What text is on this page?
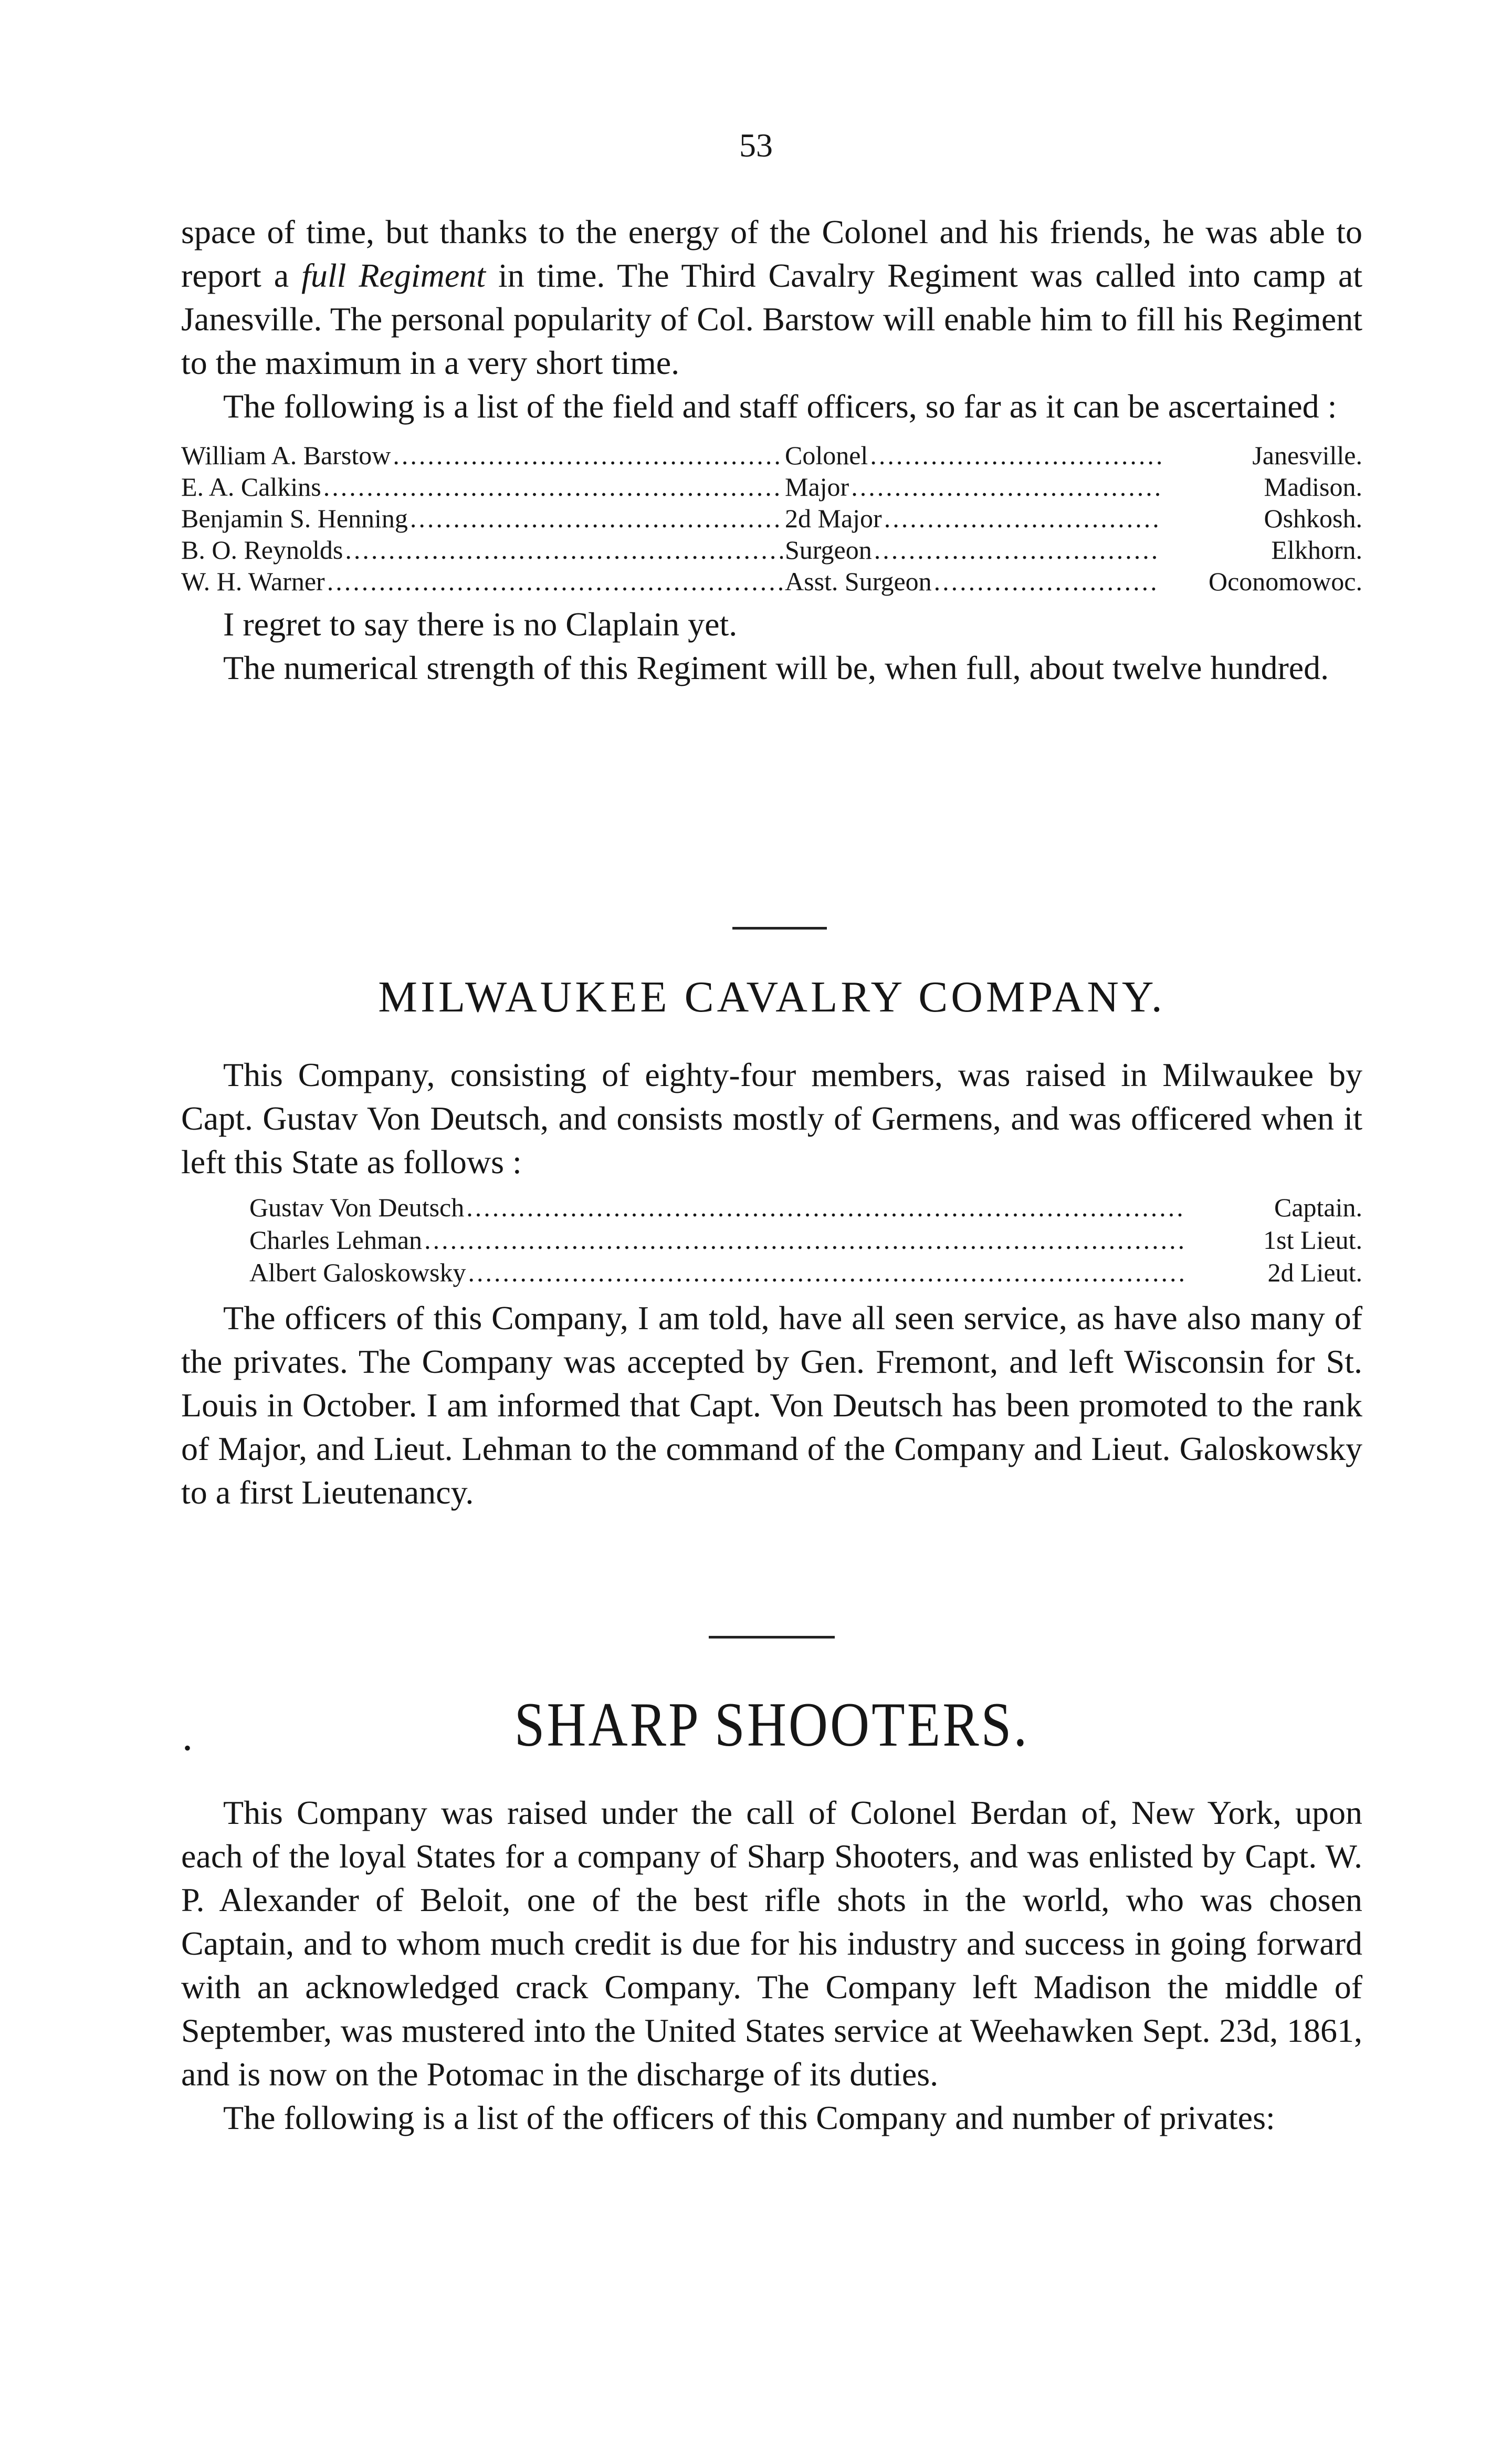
53

space of time, but thanks to the energy of the Colonel and his friends, he was able to report a full Regiment in time. The Third Cavalry Regiment was called into camp at Janesville. The personal popularity of Col. Barstow will enable him to fill his Regiment to the maximum in a very short time.

The following is a list of the field and staff officers, so far as it can be ascertained :

William A. Barstow .....	Colonel .....	Janesville.
E. A. Calkins .....	Major .....	Madison.
Benjamin S. Henning .....	2d Major .....	Oshkosh.
B. O. Reynolds .....	Surgeon .....	Elkhorn.
W. H. Warner .....	Asst. Surgeon .....	Oconomowoc.

I regret to say there is no Claplain yet.

The numerical strength of this Regiment will be, when full, about twelve hundred.

MILWAUKEE CAVALRY COMPANY.

This Company, consisting of eighty-four members, was raised in Milwaukee by Capt. Gustav Von Deutsch, and consists mostly of Germens, and was officered when it left this State as follows :

Gustav Von Deutsch .....	Captain.
Charles Lehman .....	1st Lieut.
Albert Galoskowsky .....	2d Lieut.

The officers of this Company, I am told, have all seen service, as have also many of the privates. The Company was accepted by Gen. Fremont, and left Wisconsin for St. Louis in October. I am informed that Capt. Von Deutsch has been promoted to the rank of Major, and Lieut. Lehman to the command of the Company and Lieut. Galoskowsky to a first Lieutenancy.

•	SHARP SHOOTERS.

This Company was raised under the call of Colonel Berdan of, New York, upon each of the loyal States for a company of Sharp Shooters, and was enlisted by Capt. W. P. Alexander of Beloit, one of the best rifle shots in the world, who was chosen Captain, and to whom much credit is due for his industry and success in going forward with an acknowledged crack Company. The Company left Madison the middle of September, was mustered into the United States service at Weehawken Sept. 23d, 1861, and is now on the Potomac in the discharge of its duties.

The following is a list of the officers of this Company and number of privates:
